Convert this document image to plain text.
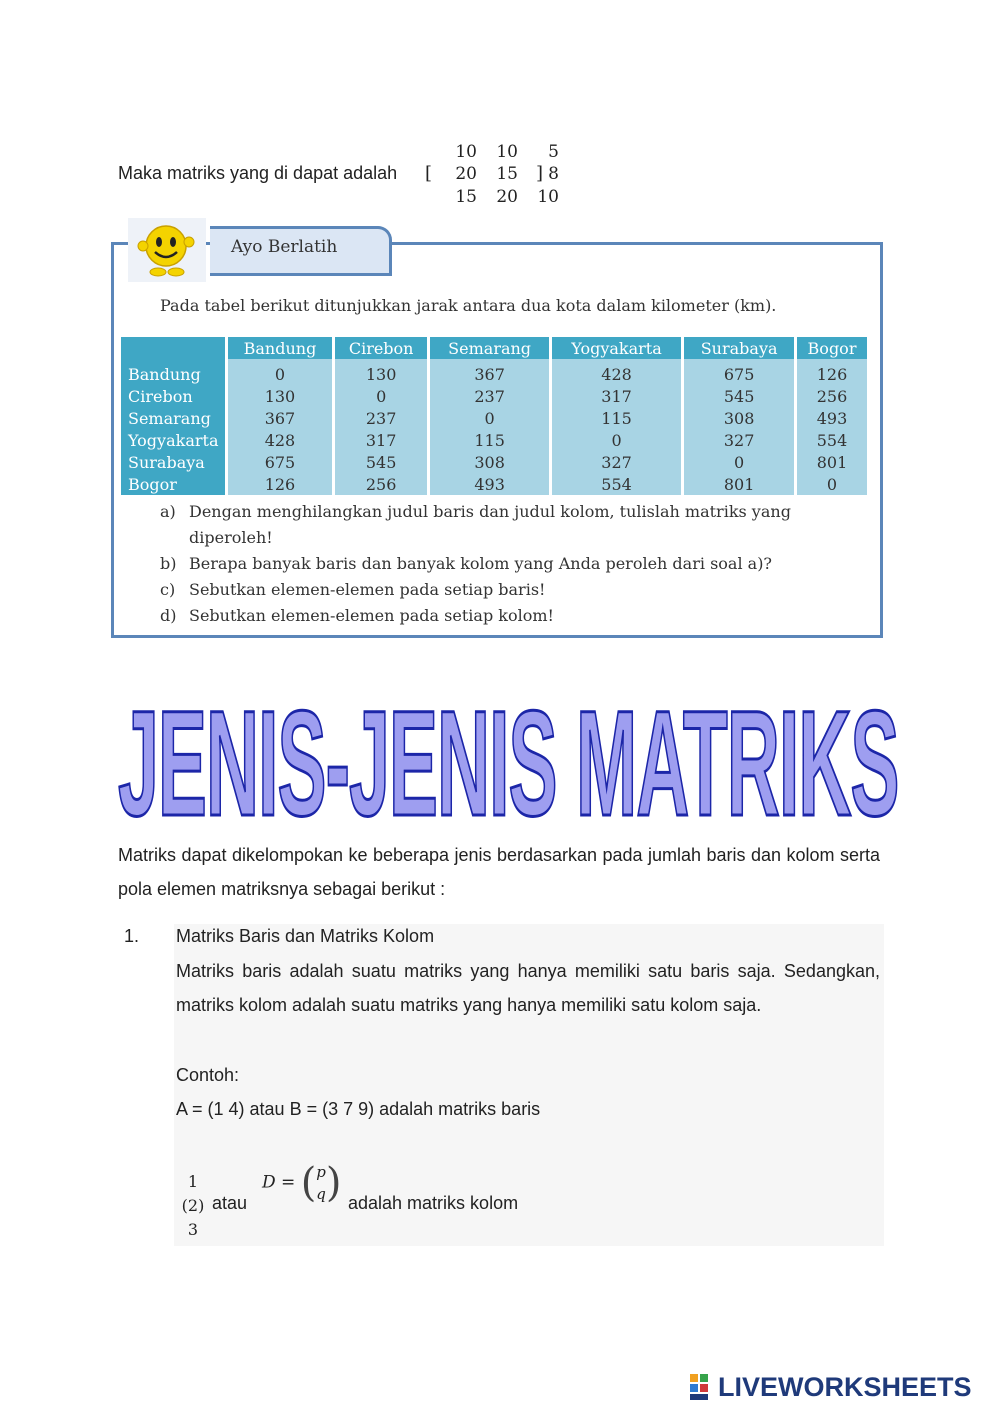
Maka matriks yang di dapat adalah [
10	10	5
20	15	8
15	20	10
]
Ayo Berlatih
Pada tabel berikut ditunjukkan jarak antara dua kota dalam kilometer (km).
	Bandung	Cirebon	Semarang	Yogyakarta	Surabaya	Bogor

Bandung	0	130	367	428	675	126
Cirebon	130	0	237	317	545	256
Semarang	367	237	0	115	308	493
Yogyakarta	428	317	115	0	327	554
Surabaya	675	545	308	327	0	801
Bogor	126	256	493	554	801	0
a) Dengan menghilangkan judul baris dan judul kolom, tulislah matriks yang
diperoleh!
b) Berapa banyak baris dan banyak kolom yang Anda peroleh dari soal a)?
c) Sebutkan elemen-elemen pada setiap baris!
d) Sebutkan elemen-elemen pada setiap kolom!
JENIS-JENIS MATRIKS
Matriks dapat dikelompokan ke beberapa jenis berdasarkan pada jumlah baris dan kolom serta pola elemen matriksnya sebagai berikut :
1. Matriks Baris dan Matriks Kolom
Matriks baris adalah suatu matriks yang hanya memiliki satu baris saja. Sedangkan, matriks kolom adalah suatu matriks yang hanya memiliki satu kolom saja.
Contoh:
A = (1 4) atau B = (3 7 9) adalah matriks baris
1
(2)
3
atau
D = (p
q) adalah matriks kolom
LIVEWORKSHEETS
